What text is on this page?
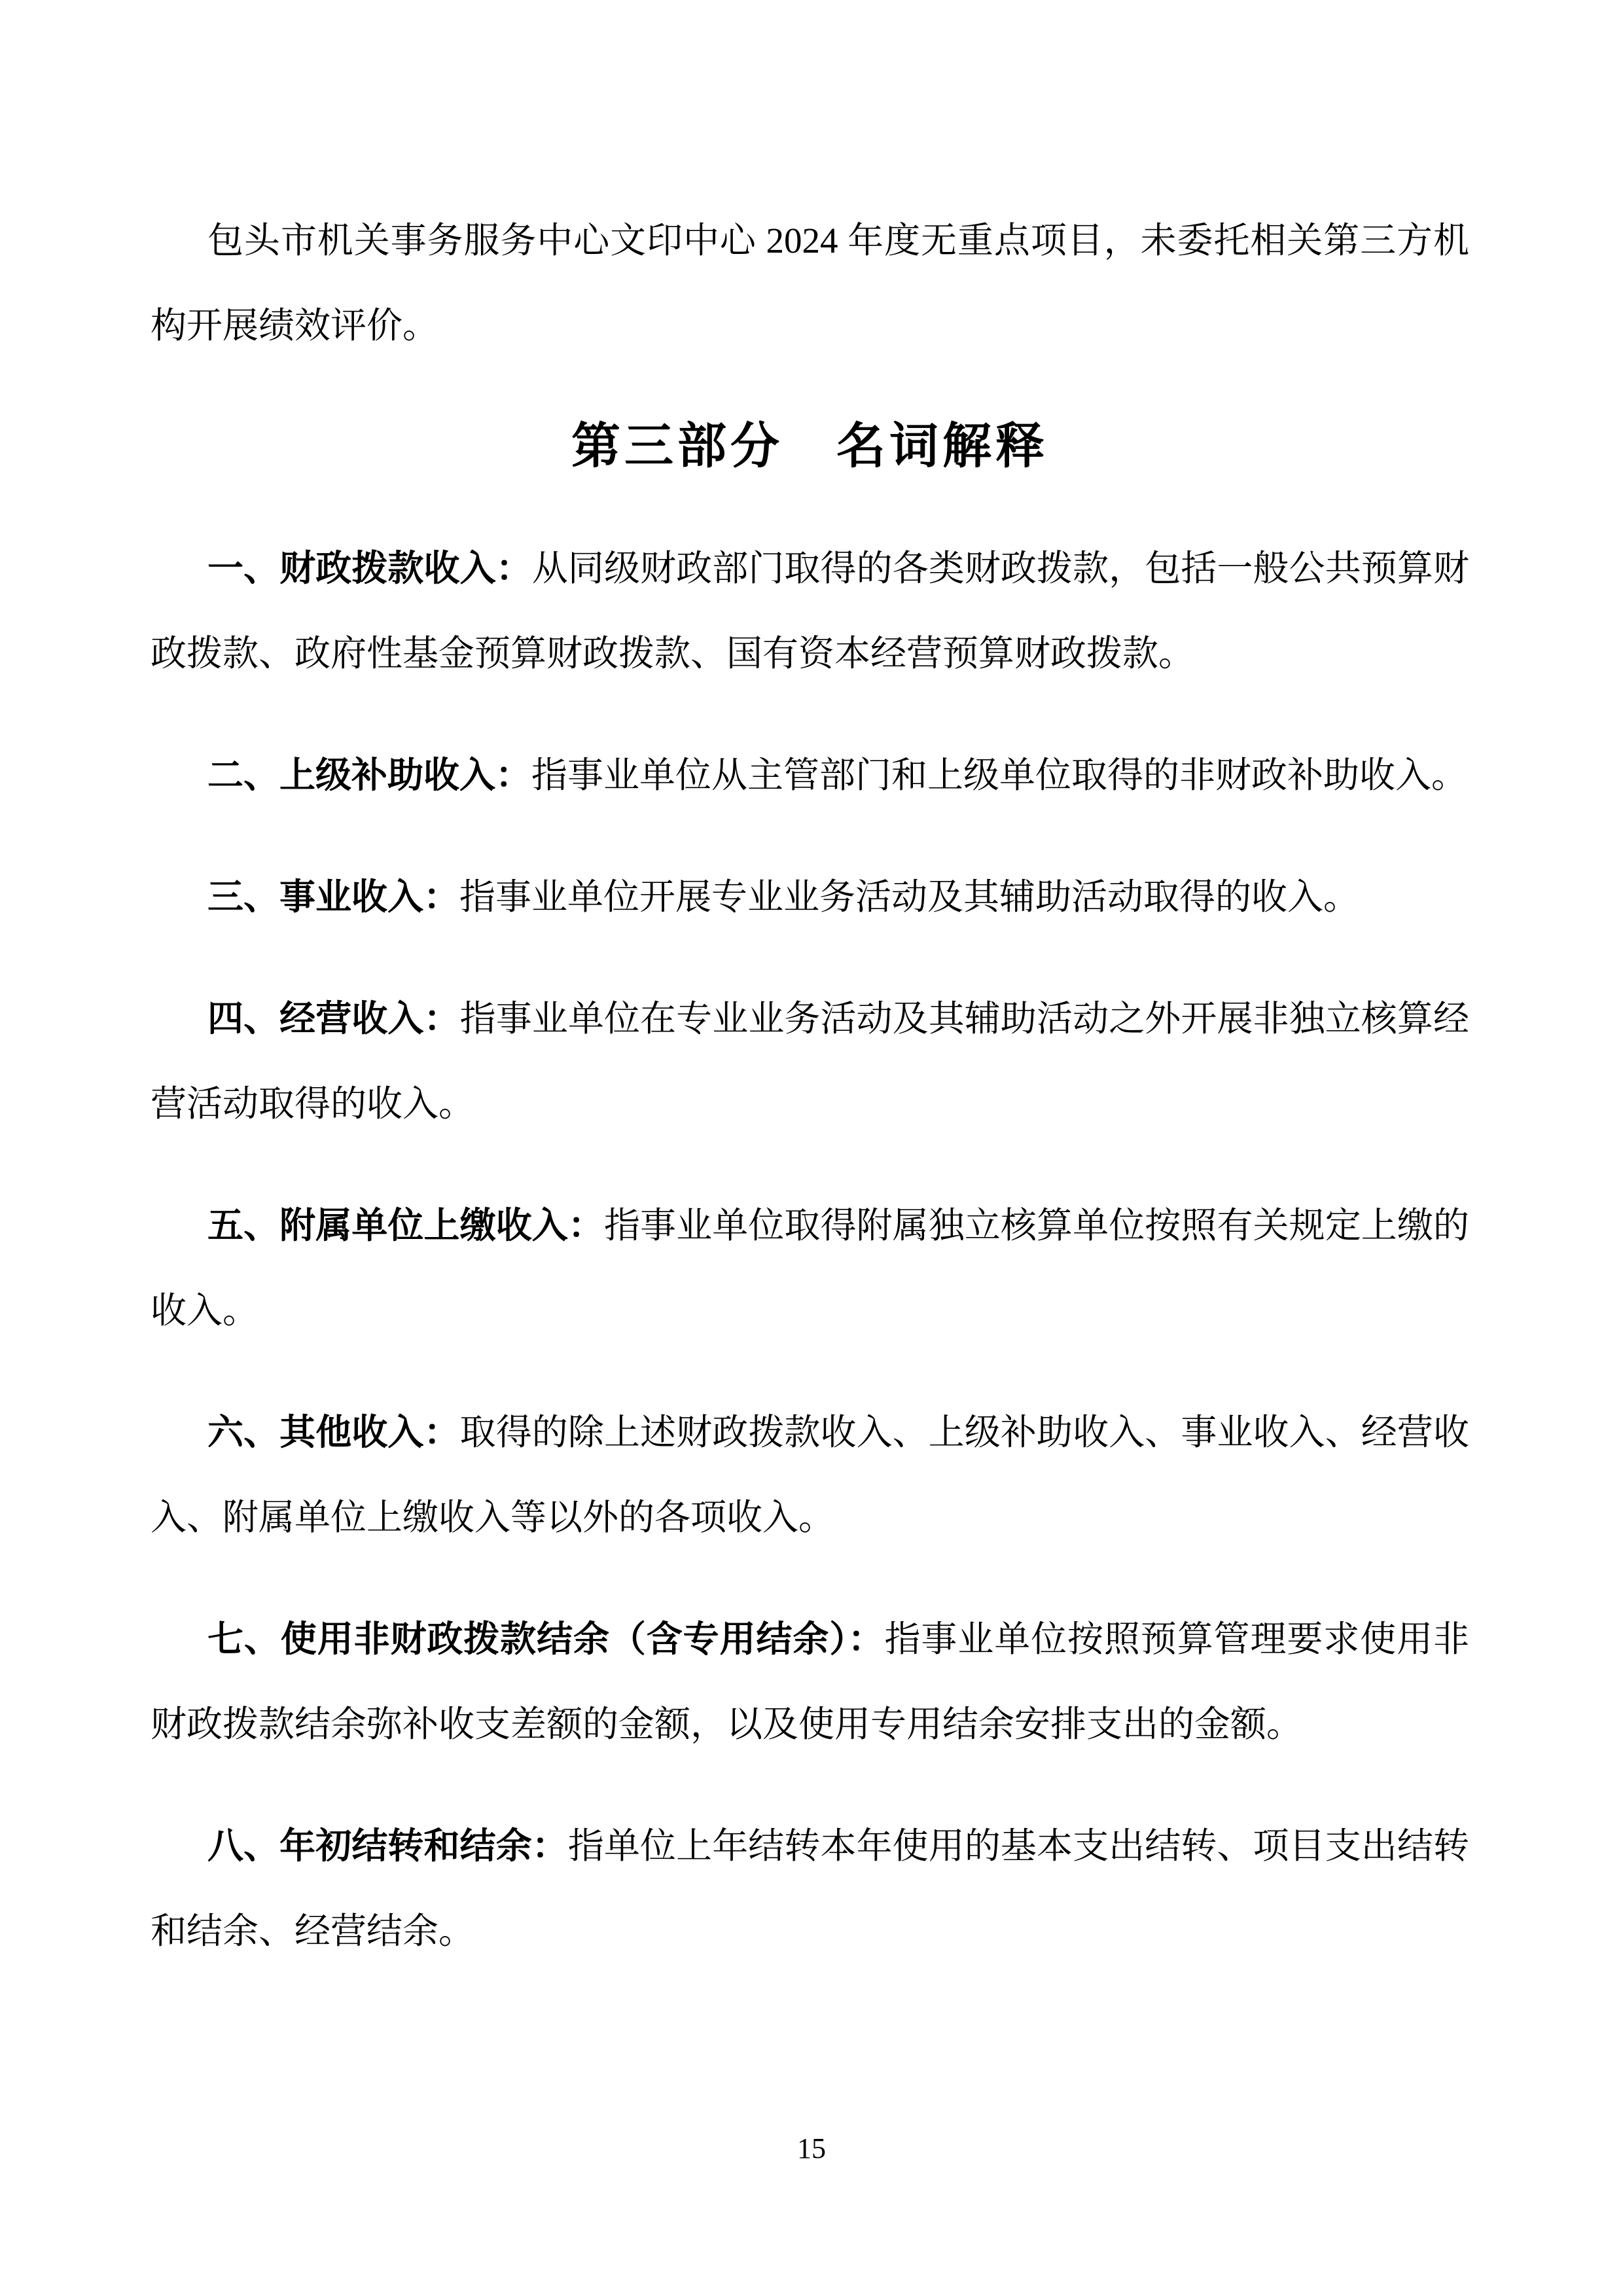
包头市机关事务服务中心文印中心 2024 年度无重点项目，未委托相关第三方机构开展绩效评价。

第三部分　名词解释

一、财政拨款收入：从同级财政部门取得的各类财政拨款，包括一般公共预算财政拨款、政府性基金预算财政拨款、国有资本经营预算财政拨款。

二、上级补助收入：指事业单位从主管部门和上级单位取得的非财政补助收入。

三、事业收入：指事业单位开展专业业务活动及其辅助活动取得的收入。

四、经营收入：指事业单位在专业业务活动及其辅助活动之外开展非独立核算经营活动取得的收入。

五、附属单位上缴收入：指事业单位取得附属独立核算单位按照有关规定上缴的收入。

六、其他收入：取得的除上述财政拨款收入、上级补助收入、事业收入、经营收入、附属单位上缴收入等以外的各项收入。

七、使用非财政拨款结余（含专用结余）：指事业单位按照预算管理要求使用非财政拨款结余弥补收支差额的金额，以及使用专用结余安排支出的金额。

八、年初结转和结余：指单位上年结转本年使用的基本支出结转、项目支出结转和结余、经营结余。

15
